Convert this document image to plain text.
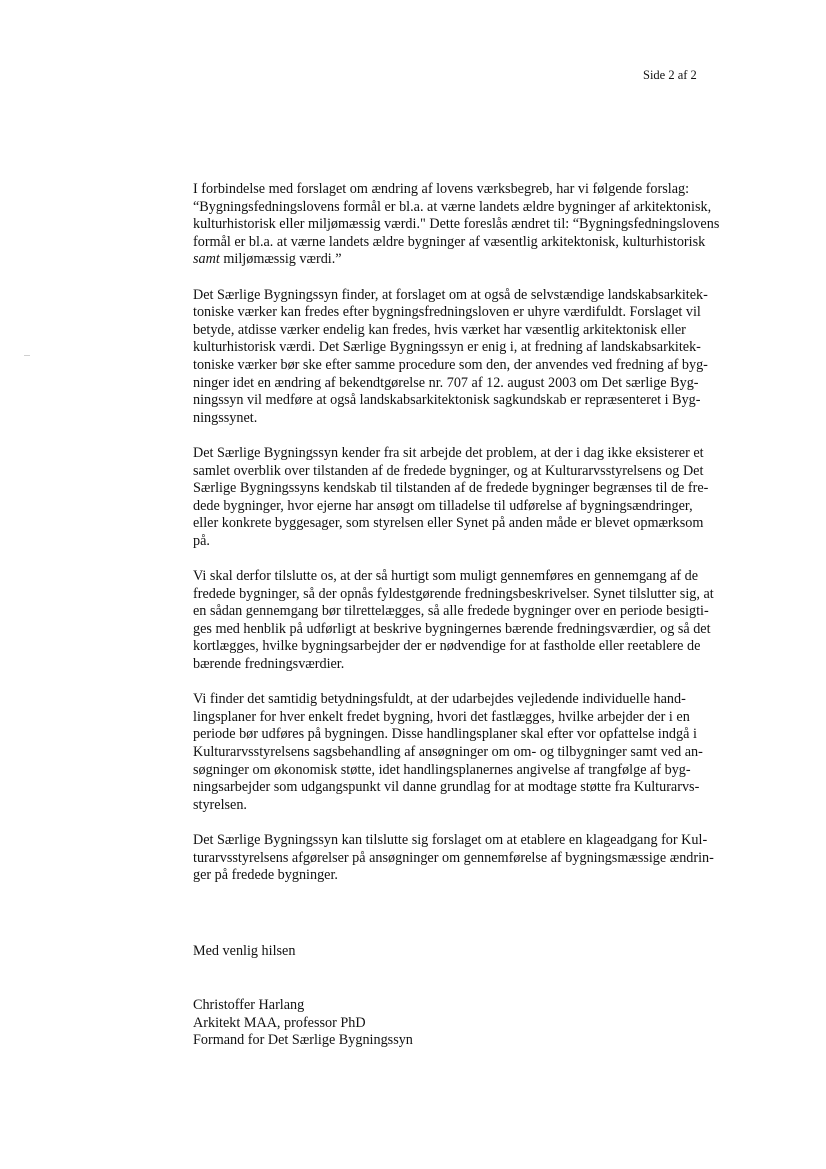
Side 2 af 2

I forbindelse med forslaget om ændring af lovens værksbegreb, har vi følgende forslag:
“Bygningsfedningslovens formål er bl.a. at værne landets ældre bygninger af arkitektonisk,
kulturhistorisk eller miljømæssig værdi." Dette foreslås ændret til: “Bygningsfedningslovens
formål er bl.a. at værne landets ældre bygninger af væsentlig arkitektonisk, kulturhistorisk
samt miljømæssig værdi.”

Det Særlige Bygningssyn finder, at forslaget om at også de selvstændige landskabsarkitek-
toniske værker kan fredes efter bygningsfredningsloven er uhyre værdifuldt. Forslaget vil
betyde, atdisse værker endelig kan fredes, hvis værket har væsentlig arkitektonisk eller
kulturhistorisk værdi. Det Særlige Bygningssyn er enig i, at fredning af landskabsarkitek-
toniske værker bør ske efter samme procedure som den, der anvendes ved fredning af byg-
ninger idet en ændring af bekendtgørelse nr. 707 af 12. august 2003 om Det særlige Byg-
ningssyn vil medføre at også landskabsarkitektonisk sagkundskab er repræsenteret i Byg-
ningssynet.

Det Særlige Bygningssyn kender fra sit arbejde det problem, at der i dag ikke eksisterer et
samlet overblik over tilstanden af de fredede bygninger, og at Kulturarvsstyrelsens og Det
Særlige Bygningssyns kendskab til tilstanden af de fredede bygninger begrænses til de fre-
dede bygninger, hvor ejerne har ansøgt om tilladelse til udførelse af bygningsændringer,
eller konkrete byggesager, som styrelsen eller Synet på anden måde er blevet opmærksom
på.

Vi skal derfor tilslutte os, at der så hurtigt som muligt gennemføres en gennemgang af de
fredede bygninger, så der opnås fyldestgørende fredningsbeskrivelser. Synet tilslutter sig, at
en sådan gennemgang bør tilrettelægges, så alle fredede bygninger over en periode besigti-
ges med henblik på udførligt at beskrive bygningernes bærende fredningsværdier, og så det
kortlægges, hvilke bygningsarbejder der er nødvendige for at fastholde eller reetablere de
bærende fredningsværdier.

Vi finder det samtidig betydningsfuldt, at der udarbejdes vejledende individuelle hand-
lingsplaner for hver enkelt fredet bygning, hvori det fastlægges, hvilke arbejder der i en
periode bør udføres på bygningen. Disse handlingsplaner skal efter vor opfattelse indgå i
Kulturarvsstyrelsens sagsbehandling af ansøgninger om om- og tilbygninger samt ved an-
søgninger om økonomisk støtte, idet handlingsplanernes angivelse af trangfølge af byg-
ningsarbejder som udgangspunkt vil danne grundlag for at modtage støtte fra Kulturarvs-
styrelsen.

Det Særlige Bygningssyn kan tilslutte sig forslaget om at etablere en klageadgang for Kul-
turarvsstyrelsens afgørelser på ansøgninger om gennemførelse af bygningsmæssige ændrin-
ger på fredede bygninger.

Med venlig hilsen
Christoffer Harlang
Arkitekt MAA, professor PhD
Formand for Det Særlige Bygningssyn
